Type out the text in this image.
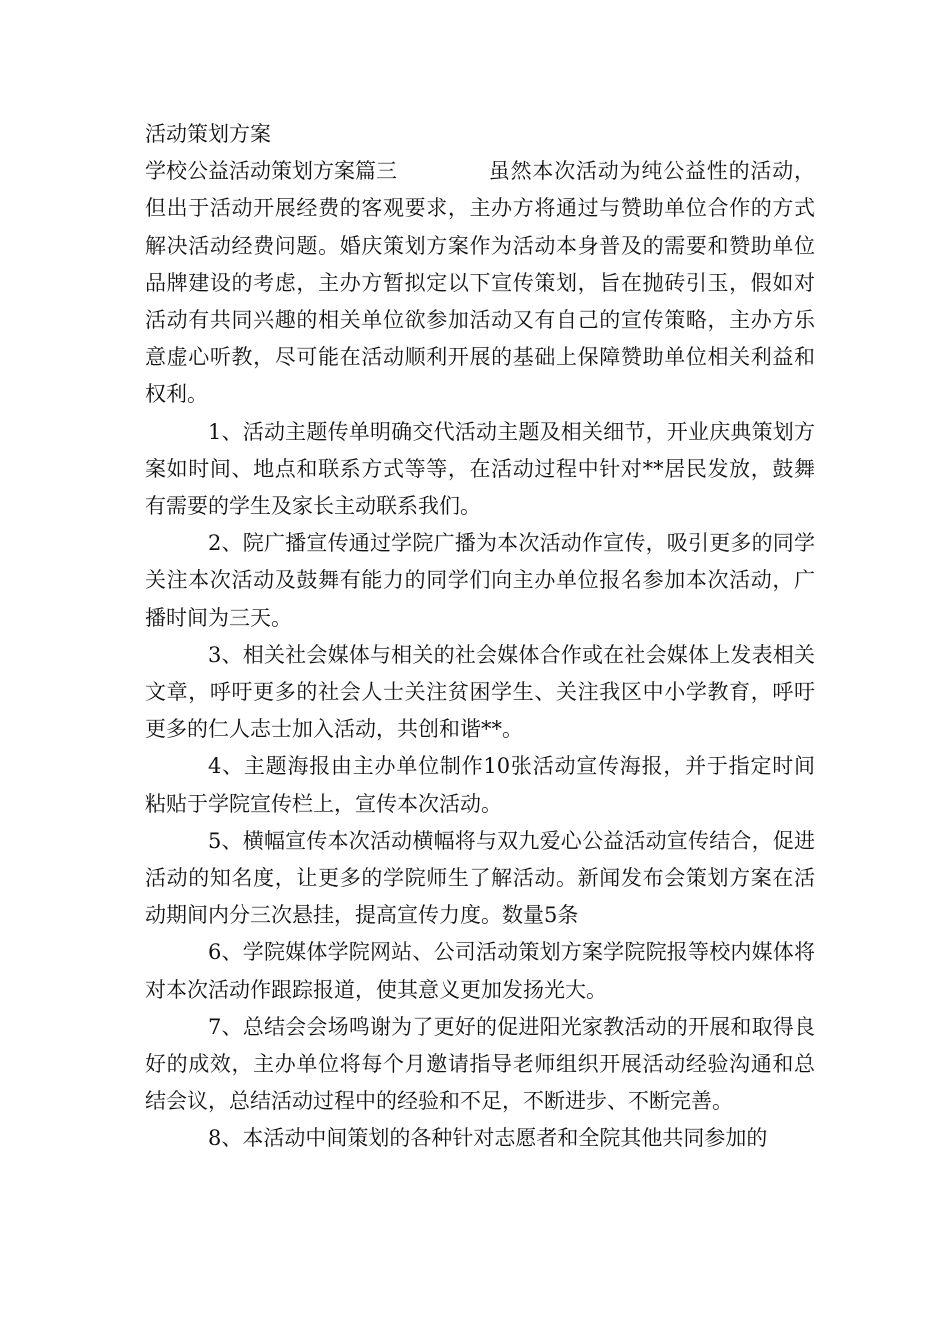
活动策划方案

学校公益活动策划方案篇三	虽然本次活动为纯公益性的活动，但出于活动开展经费的客观要求，主办方将通过与赞助单位合作的方式解决活动经费问题。婚庆策划方案作为活动本身普及的需要和赞助单位品牌建设的考虑，主办方暂拟定以下宣传策划，旨在抛砖引玉，假如对活动有共同兴趣的相关单位欲参加活动又有自己的宣传策略，主办方乐意虚心听教，尽可能在活动顺利开展的基础上保障赞助单位相关利益和权利。

1、活动主题传单明确交代活动主题及相关细节，开业庆典策划方案如时间、地点和联系方式等等，在活动过程中针对**居民发放，鼓舞有需要的学生及家长主动联系我们。

2、院广播宣传通过学院广播为本次活动作宣传，吸引更多的同学关注本次活动及鼓舞有能力的同学们向主办单位报名参加本次活动，广播时间为三天。

3、相关社会媒体与相关的社会媒体合作或在社会媒体上发表相关文章，呼吁更多的社会人士关注贫困学生、关注我区中小学教育，呼吁更多的仁人志士加入活动，共创和谐**。

4、主题海报由主办单位制作10张活动宣传海报，并于指定时间粘贴于学院宣传栏上，宣传本次活动。

5、横幅宣传本次活动横幅将与双九爱心公益活动宣传结合，促进活动的知名度，让更多的学院师生了解活动。新闻发布会策划方案在活动期间内分三次悬挂，提高宣传力度。数量5条

6、学院媒体学院网站、公司活动策划方案学院院报等校内媒体将对本次活动作跟踪报道，使其意义更加发扬光大。

7、总结会会场鸣谢为了更好的促进阳光家教活动的开展和取得良好的成效，主办单位将每个月邀请指导老师组织开展活动经验沟通和总结会议，总结活动过程中的经验和不足，不断进步、不断完善。

8、本活动中间策划的各种针对志愿者和全院其他共同参加的
